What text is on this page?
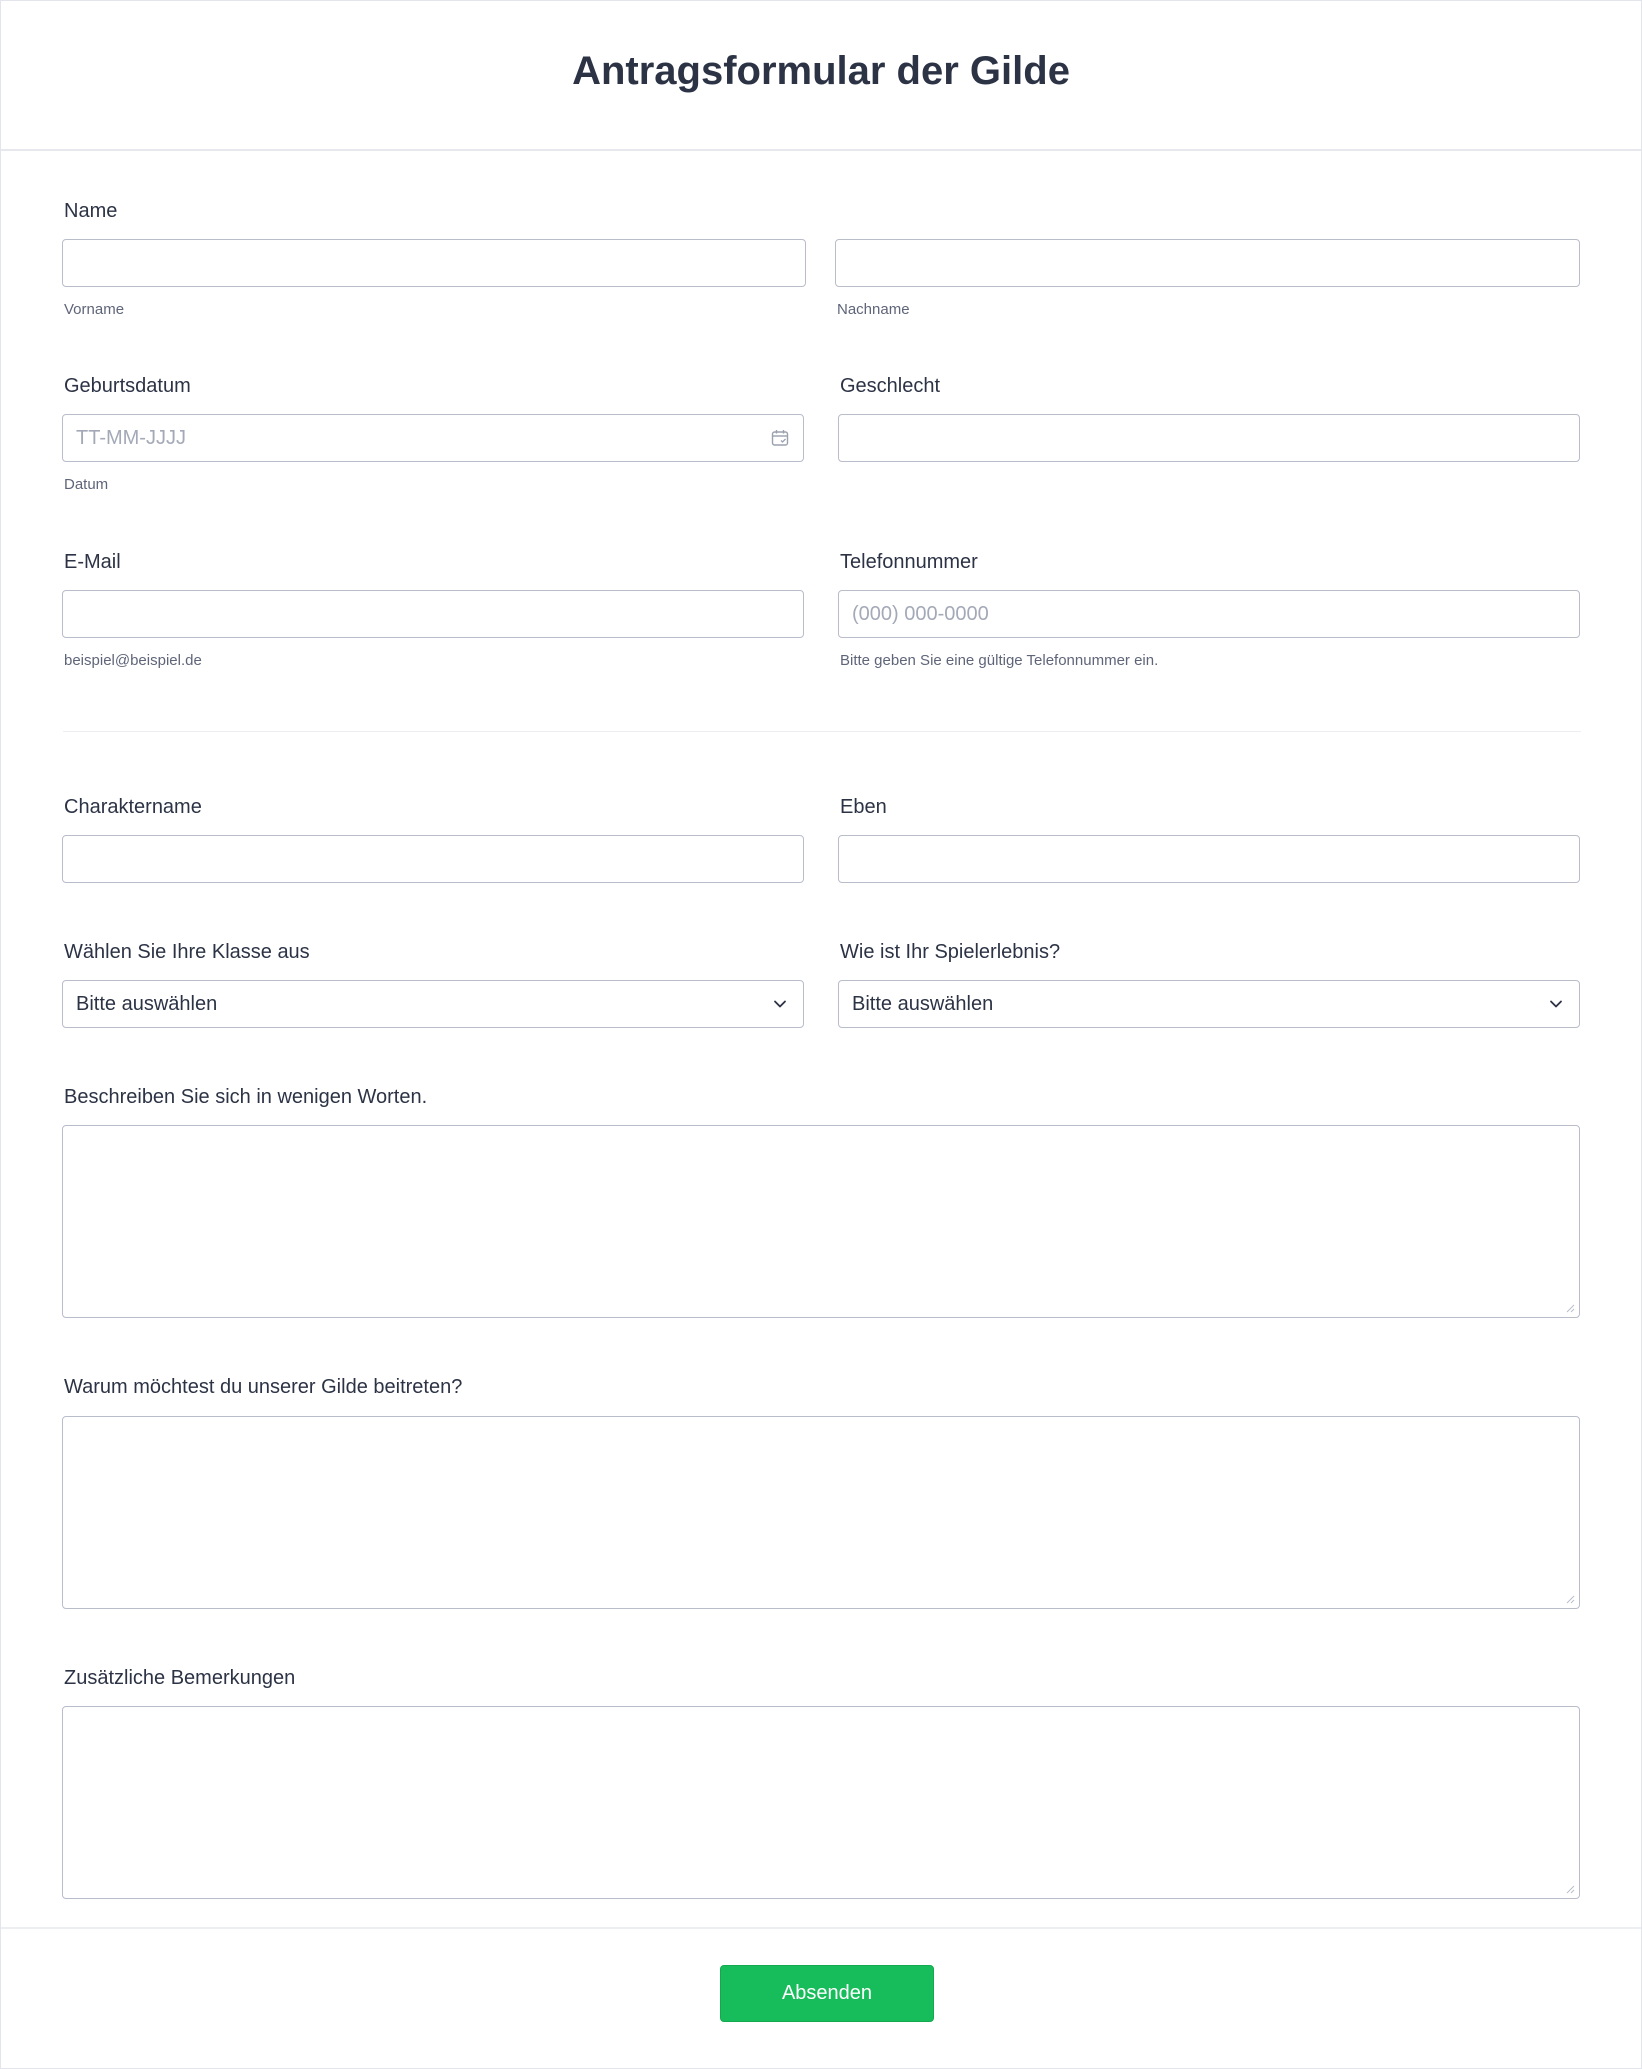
Antragsformular der Gilde
Name
Vorname	Nachname
Geburtsdatum
TT-MM-JJJJ
Datum
Geschlecht
E-Mail
beispiel@beispiel.de
Telefonnummer
(000) 000-0000
Bitte geben Sie eine gültige Telefonnummer ein.
Charaktername	Eben
Wählen Sie Ihre Klasse aus
Bitte auswählen
Wie ist Ihr Spielerlebnis?
Bitte auswählen
Beschreiben Sie sich in wenigen Worten.
Warum möchtest du unserer Gilde beitreten?
Zusätzliche Bemerkungen
Absenden
